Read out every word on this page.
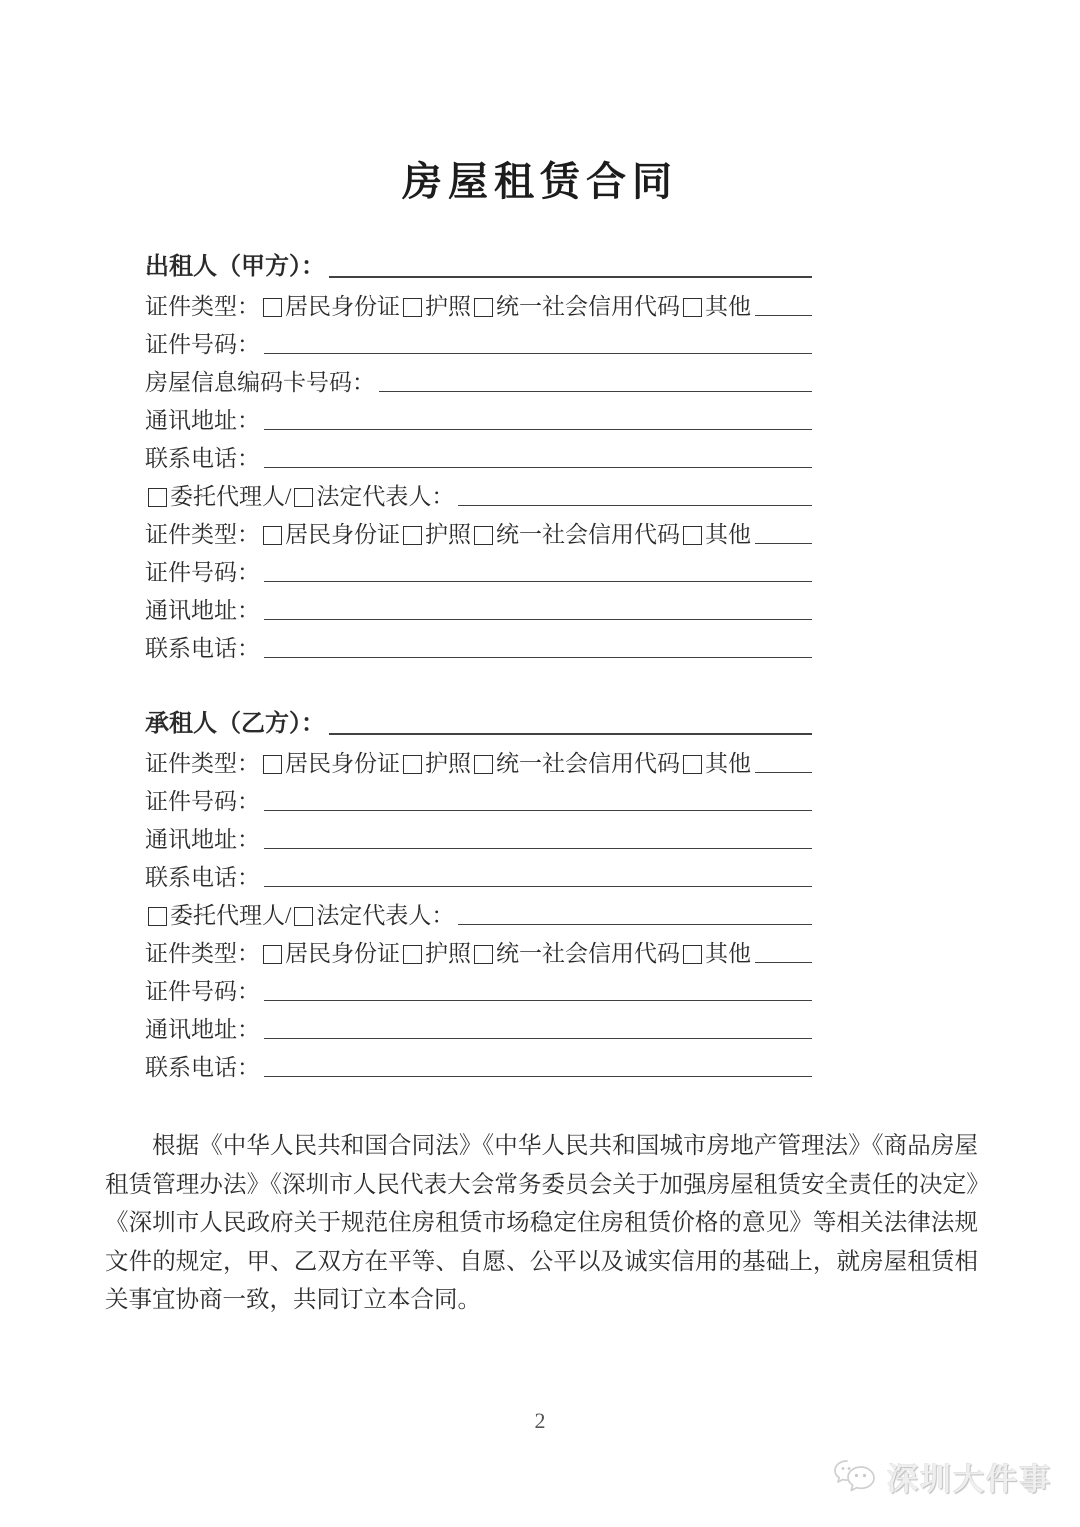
房屋租赁合同
出租人（甲方）：
证件类型： 居民身份证 护照 统一社会信用代码 其他
证件号码：
房屋信息编码卡号码：
通讯地址：
联系电话：
委托代理人 / 法定代表人 ：
证件类型： 居民身份证 护照 统一社会信用代码 其他
证件号码：
通讯地址：
联系电话：
承租人（乙方）：
证件类型： 居民身份证 护照 统一社会信用代码 其他
证件号码：
通讯地址：
联系电话：
委托代理人 / 法定代表人 ：
证件类型： 居民身份证 护照 统一社会信用代码 其他
证件号码：
通讯地址：
联系电话：

根据《中华人民共和国合同法》《中华人民共和国城市房地产管理法》《商品房屋租赁管理办法》《深圳市人民代表大会常务委员会关于加强房屋租赁安全责任的决定》《深圳市人民政府关于规范住房租赁市场稳定住房租赁价格的意见》等相关法律法规文件的规定，甲、乙双方在平等、自愿、公平以及诚实信用的基础上，就房屋租赁相关事宜协商一致，共同订立本合同。

2
深圳大件事
